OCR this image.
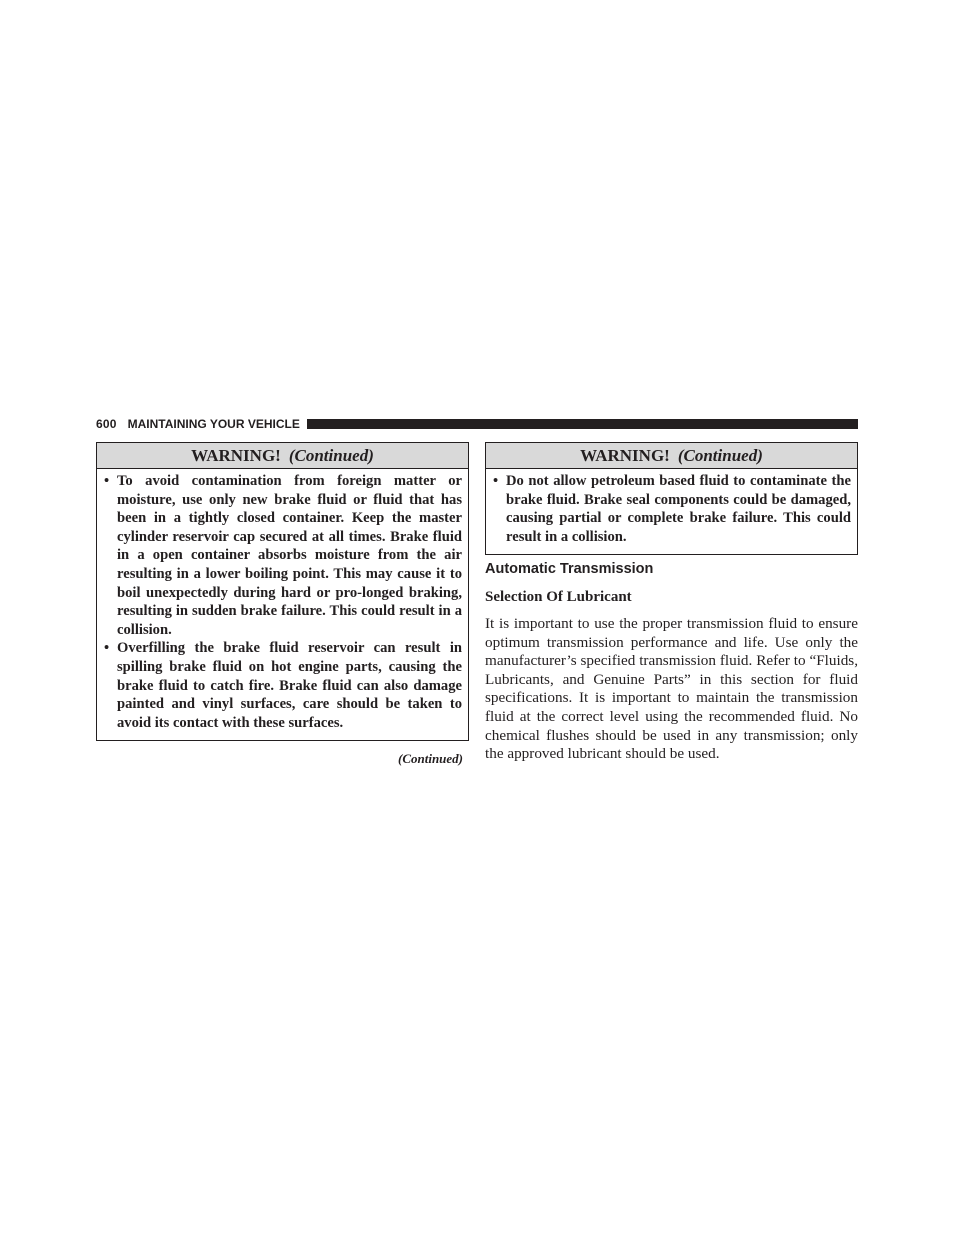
600 MAINTAINING YOUR VEHICLE
WARNING! (Continued)
• To avoid contamination from foreign matter or moisture, use only new brake fluid or fluid that has been in a tightly closed container. Keep the master cylinder reservoir cap secured at all times. Brake fluid in a open container absorbs moisture from the air resulting in a lower boiling point. This may cause it to boil unexpectedly during hard or pro-longed braking, resulting in sudden brake failure. This could result in a collision.
• Overfilling the brake fluid reservoir can result in spilling brake fluid on hot engine parts, causing the brake fluid to catch fire. Brake fluid can also damage painted and vinyl surfaces, care should be taken to avoid its contact with these surfaces.
(Continued)
WARNING! (Continued)
• Do not allow petroleum based fluid to contaminate the brake fluid. Brake seal components could be damaged, causing partial or complete brake failure. This could result in a collision.
Automatic Transmission
Selection Of Lubricant
It is important to use the proper transmission fluid to ensure optimum transmission performance and life. Use only the manufacturer’s specified transmission fluid. Refer to “Fluids, Lubricants, and Genuine Parts” in this section for fluid specifications. It is important to maintain the transmission fluid at the correct level using the recommended fluid. No chemical flushes should be used in any transmission; only the approved lubricant should be used.
